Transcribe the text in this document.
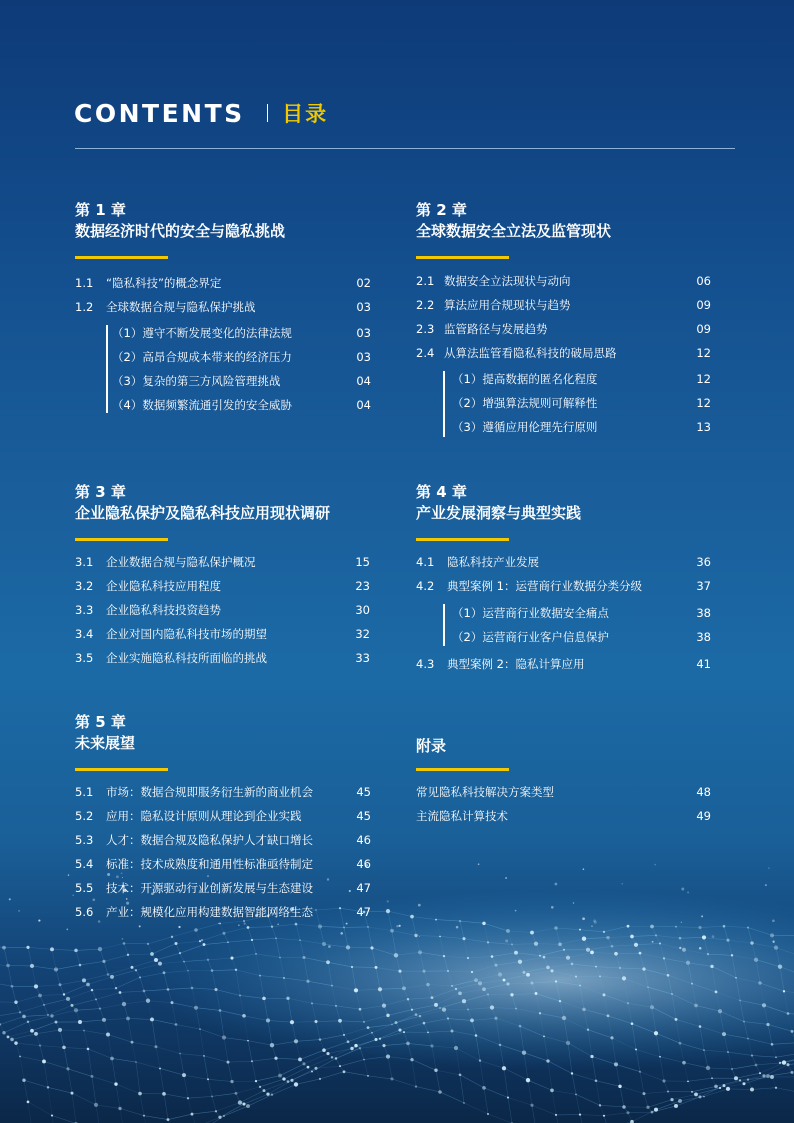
CONTENTS 目录
第 1 章
数据经济时代的安全与隐私挑战
1.1 “隐私科技”的概念界定	02
1.2 全球数据合规与隐私保护挑战	03
（1）遵守不断发展变化的法律法规	03
（2）高昂合规成本带来的经济压力	03
（3）复杂的第三方风险管理挑战	04
（4）数据频繁流通引发的安全威胁	04
第 2 章
全球数据安全立法及监管现状
2.1 数据安全立法现状与动向	06
2.2 算法应用合规现状与趋势	09
2.3 监管路径与发展趋势	09
2.4 从算法监管看隐私科技的破局思路	12
（1）提高数据的匿名化程度	12
（2）增强算法规则可解释性	12
（3）遵循应用伦理先行原则	13
第 3 章
企业隐私保护及隐私科技应用现状调研
3.1 企业数据合规与隐私保护概况	15
3.2 企业隐私科技应用程度	23
3.3 企业隐私科技投资趋势	30
3.4 企业对国内隐私科技市场的期望	32
3.5 企业实施隐私科技所面临的挑战	33
第 4 章
产业发展洞察与典型实践
4.1 隐私科技产业发展	36
4.2 典型案例 1：运营商行业数据分类分级	37
（1）运营商行业数据安全痛点	38
（2）运营商行业客户信息保护	38
4.3 典型案例 2：隐私计算应用	41
第 5 章
未来展望
5.1 市场：数据合规即服务衍生新的商业机会	45
5.2 应用：隐私设计原则从理论到企业实践	45
5.3 人才：数据合规及隐私保护人才缺口增长	46
5.4 标准：技术成熟度和通用性标准亟待制定	46
5.5 技术：开源驱动行业创新发展与生态建设	47
5.6 产业：规模化应用构建数据智能网络生态	47
附录
常见隐私科技解决方案类型	48
主流隐私计算技术	49
